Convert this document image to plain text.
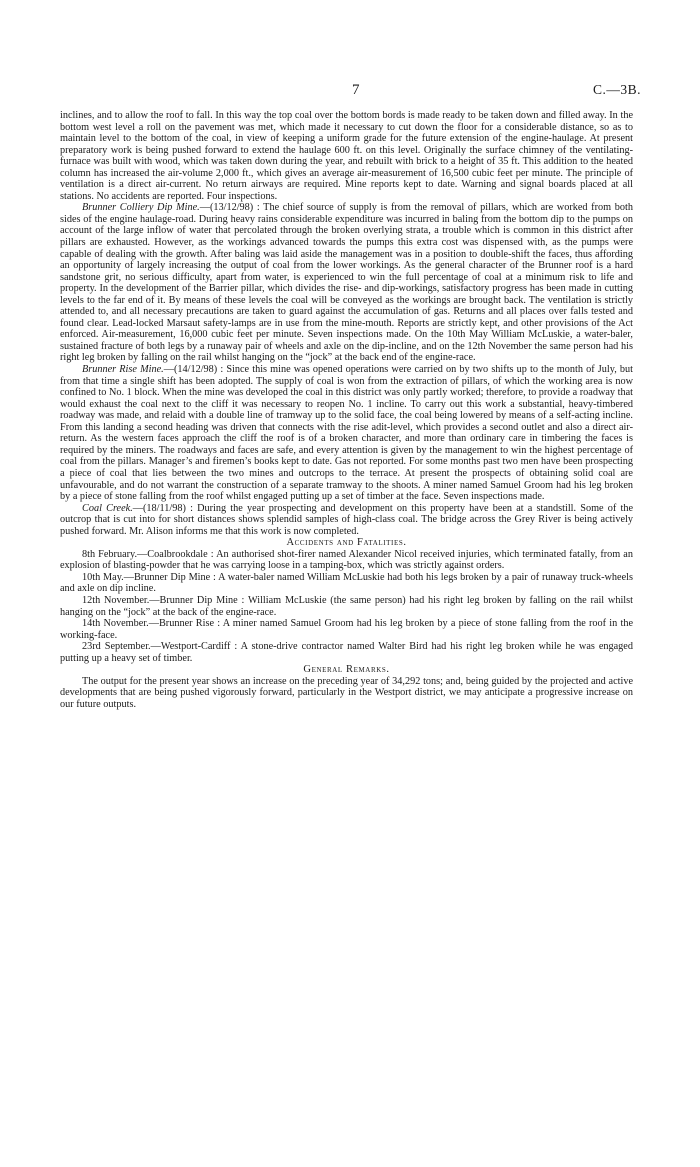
7	C.—3B.

inclines, and to allow the roof to fall. In this way the top coal over the bottom bords is made ready to be taken down and filled away. In the bottom west level a roll on the pavement was met, which made it necessary to cut down the floor for a considerable distance, so as to maintain level to the bottom of the coal, in view of keeping a uniform grade for the future extension of the engine-haulage. At present preparatory work is being pushed forward to extend the haulage 600 ft. on this level. Originally the surface chimney of the ventilating-furnace was built with wood, which was taken down during the year, and rebuilt with brick to a height of 35 ft. This addition to the heated column has increased the air-volume 2,000 ft., which gives an average air-measurement of 16,500 cubic feet per minute. The principle of ventilation is a direct air-current. No return airways are required. Mine reports kept to date. Warning and signal boards placed at all stations. No accidents are reported. Four inspections.

Brunner Colliery Dip Mine.—(13/12/98) : The chief source of supply is from the removal of pillars, which are worked from both sides of the engine haulage-road. During heavy rains considerable expenditure was incurred in baling from the bottom dip to the pumps on account of the large inflow of water that percolated through the broken overlying strata, a trouble which is common in this district after pillars are exhausted. However, as the workings advanced towards the pumps this extra cost was dispensed with, as the pumps were capable of dealing with the growth. After baling was laid aside the management was in a position to double-shift the faces, thus affording an opportunity of largely increasing the output of coal from the lower workings. As the general character of the Brunner roof is a hard sandstone grit, no serious difficulty, apart from water, is experienced to win the full percentage of coal at a minimum risk to life and property. In the development of the Barrier pillar, which divides the rise- and dip-workings, satisfactory progress has been made in cutting levels to the far end of it. By means of these levels the coal will be conveyed as the workings are brought back. The ventilation is strictly attended to, and all necessary precautions are taken to guard against the accumulation of gas. Returns and all places over falls tested and found clear. Lead-locked Marsaut safety-lamps are in use from the mine-mouth. Reports are strictly kept, and other provisions of the Act enforced. Air-measurement, 16,000 cubic feet per minute. Seven inspections made. On the 10th May William McLuskie, a water-baler, sustained fracture of both legs by a runaway pair of wheels and axle on the dip-incline, and on the 12th November the same person had his right leg broken by falling on the rail whilst hanging on the “jock” at the back end of the engine-race.

Brunner Rise Mine.—(14/12/98) : Since this mine was opened operations were carried on by two shifts up to the month of July, but from that time a single shift has been adopted. The supply of coal is won from the extraction of pillars, of which the working area is now confined to No. 1 block. When the mine was developed the coal in this district was only partly worked; therefore, to provide a roadway that would exhaust the coal next to the cliff it was necessary to reopen No. 1 incline. To carry out this work a substantial, heavy-timbered roadway was made, and relaid with a double line of tramway up to the solid face, the coal being lowered by means of a self-acting incline. From this landing a second heading was driven that connects with the rise adit-level, which provides a second outlet and also a direct air-return. As the western faces approach the cliff the roof is of a broken character, and more than ordinary care in timbering the faces is required by the miners. The roadways and faces are safe, and every attention is given by the management to win the highest percentage of coal from the pillars. Manager’s and firemen’s books kept to date. Gas not reported. For some months past two men have been prospecting a piece of coal that lies between the two mines and outcrops to the terrace. At present the prospects of obtaining solid coal are unfavourable, and do not warrant the construction of a separate tramway to the shoots. A miner named Samuel Groom had his leg broken by a piece of stone falling from the roof whilst engaged putting up a set of timber at the face. Seven inspections made.

Coal Creek.—(18/11/98) : During the year prospecting and development on this property have been at a standstill. Some of the outcrop that is cut into for short distances shows splendid samples of high-class coal. The bridge across the Grey River is being actively pushed forward. Mr. Alison informs me that this work is now completed.

Accidents and Fatalities.

8th February.—Coalbrookdale : An authorised shot-firer named Alexander Nicol received injuries, which terminated fatally, from an explosion of blasting-powder that he was carrying loose in a tamping-box, which was strictly against orders.

10th May.—Brunner Dip Mine : A water-baler named William McLuskie had both his legs broken by a pair of runaway truck-wheels and axle on dip incline.

12th November.—Brunner Dip Mine : William McLuskie (the same person) had his right leg broken by falling on the rail whilst hanging on the “jock” at the back of the engine-race.

14th November.—Brunner Rise : A miner named Samuel Groom had his leg broken by a piece of stone falling from the roof in the working-face.

23rd September.—Westport-Cardiff : A stone-drive contractor named Walter Bird had his right leg broken while he was engaged putting up a heavy set of timber.

General Remarks.

The output for the present year shows an increase on the preceding year of 34,292 tons; and, being guided by the projected and active developments that are being pushed vigorously forward, particularly in the Westport district, we may anticipate a progressive increase on our future outputs.
